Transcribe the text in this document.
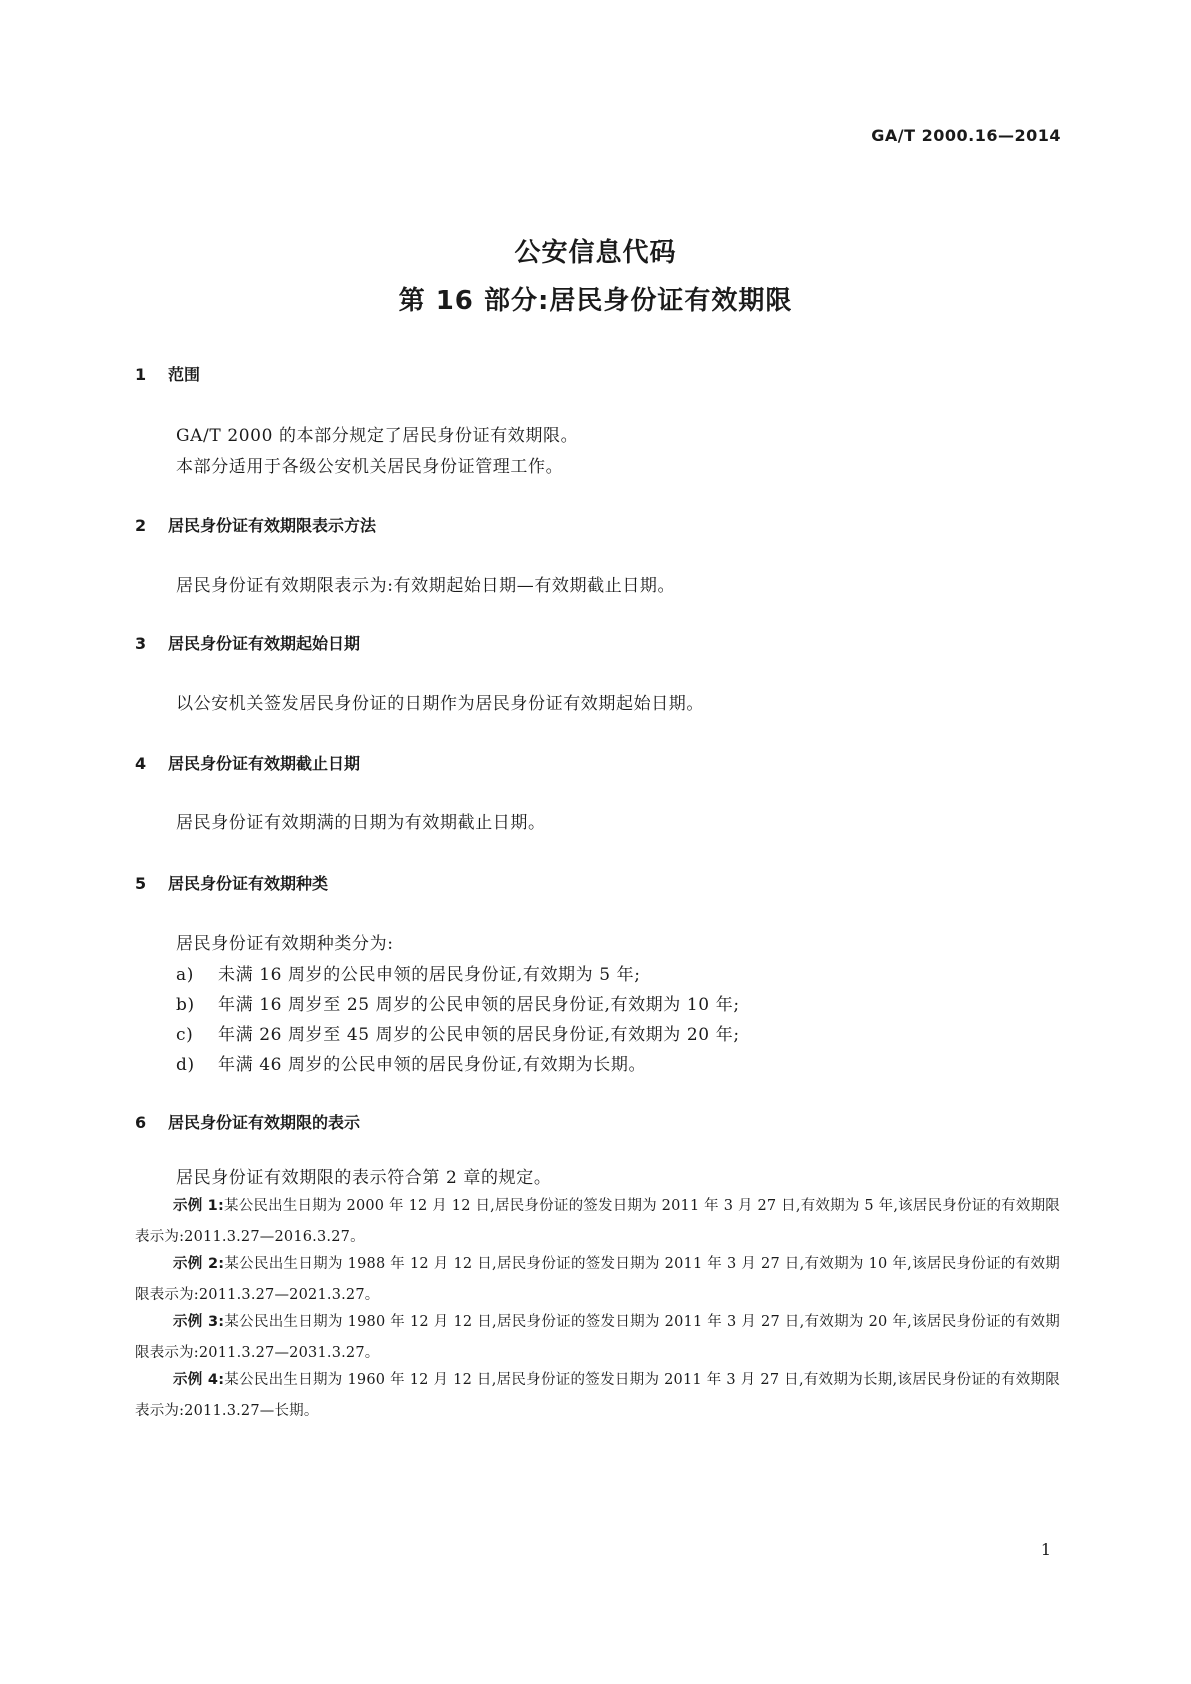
GA/T 2000.16—2014
公安信息代码
第 16 部分:居民身份证有效期限
1 范围
GA/T 2000 的本部分规定了居民身份证有效期限。
本部分适用于各级公安机关居民身份证管理工作。
2 居民身份证有效期限表示方法
居民身份证有效期限表示为:有效期起始日期—有效期截止日期。
3 居民身份证有效期起始日期
以公安机关签发居民身份证的日期作为居民身份证有效期起始日期。
4 居民身份证有效期截止日期
居民身份证有效期满的日期为有效期截止日期。
5 居民身份证有效期种类
居民身份证有效期种类分为:
a) 未满 16 周岁的公民申领的居民身份证,有效期为 5 年;
b) 年满 16 周岁至 25 周岁的公民申领的居民身份证,有效期为 10 年;
c) 年满 26 周岁至 45 周岁的公民申领的居民身份证,有效期为 20 年;
d) 年满 46 周岁的公民申领的居民身份证,有效期为长期。
6 居民身份证有效期限的表示
居民身份证有效期限的表示符合第 2 章的规定。
示例 1:某公民出生日期为 2000 年 12 月 12 日,居民身份证的签发日期为 2011 年 3 月 27 日,有效期为 5 年,该居民身份证的有效期限表示为:2011.3.27—2016.3.27。
示例 2:某公民出生日期为 1988 年 12 月 12 日,居民身份证的签发日期为 2011 年 3 月 27 日,有效期为 10 年,该居民身份证的有效期限表示为:2011.3.27—2021.3.27。
示例 3:某公民出生日期为 1980 年 12 月 12 日,居民身份证的签发日期为 2011 年 3 月 27 日,有效期为 20 年,该居民身份证的有效期限表示为:2011.3.27—2031.3.27。
示例 4:某公民出生日期为 1960 年 12 月 12 日,居民身份证的签发日期为 2011 年 3 月 27 日,有效期为长期,该居民身份证的有效期限表示为:2011.3.27—长期。
1
